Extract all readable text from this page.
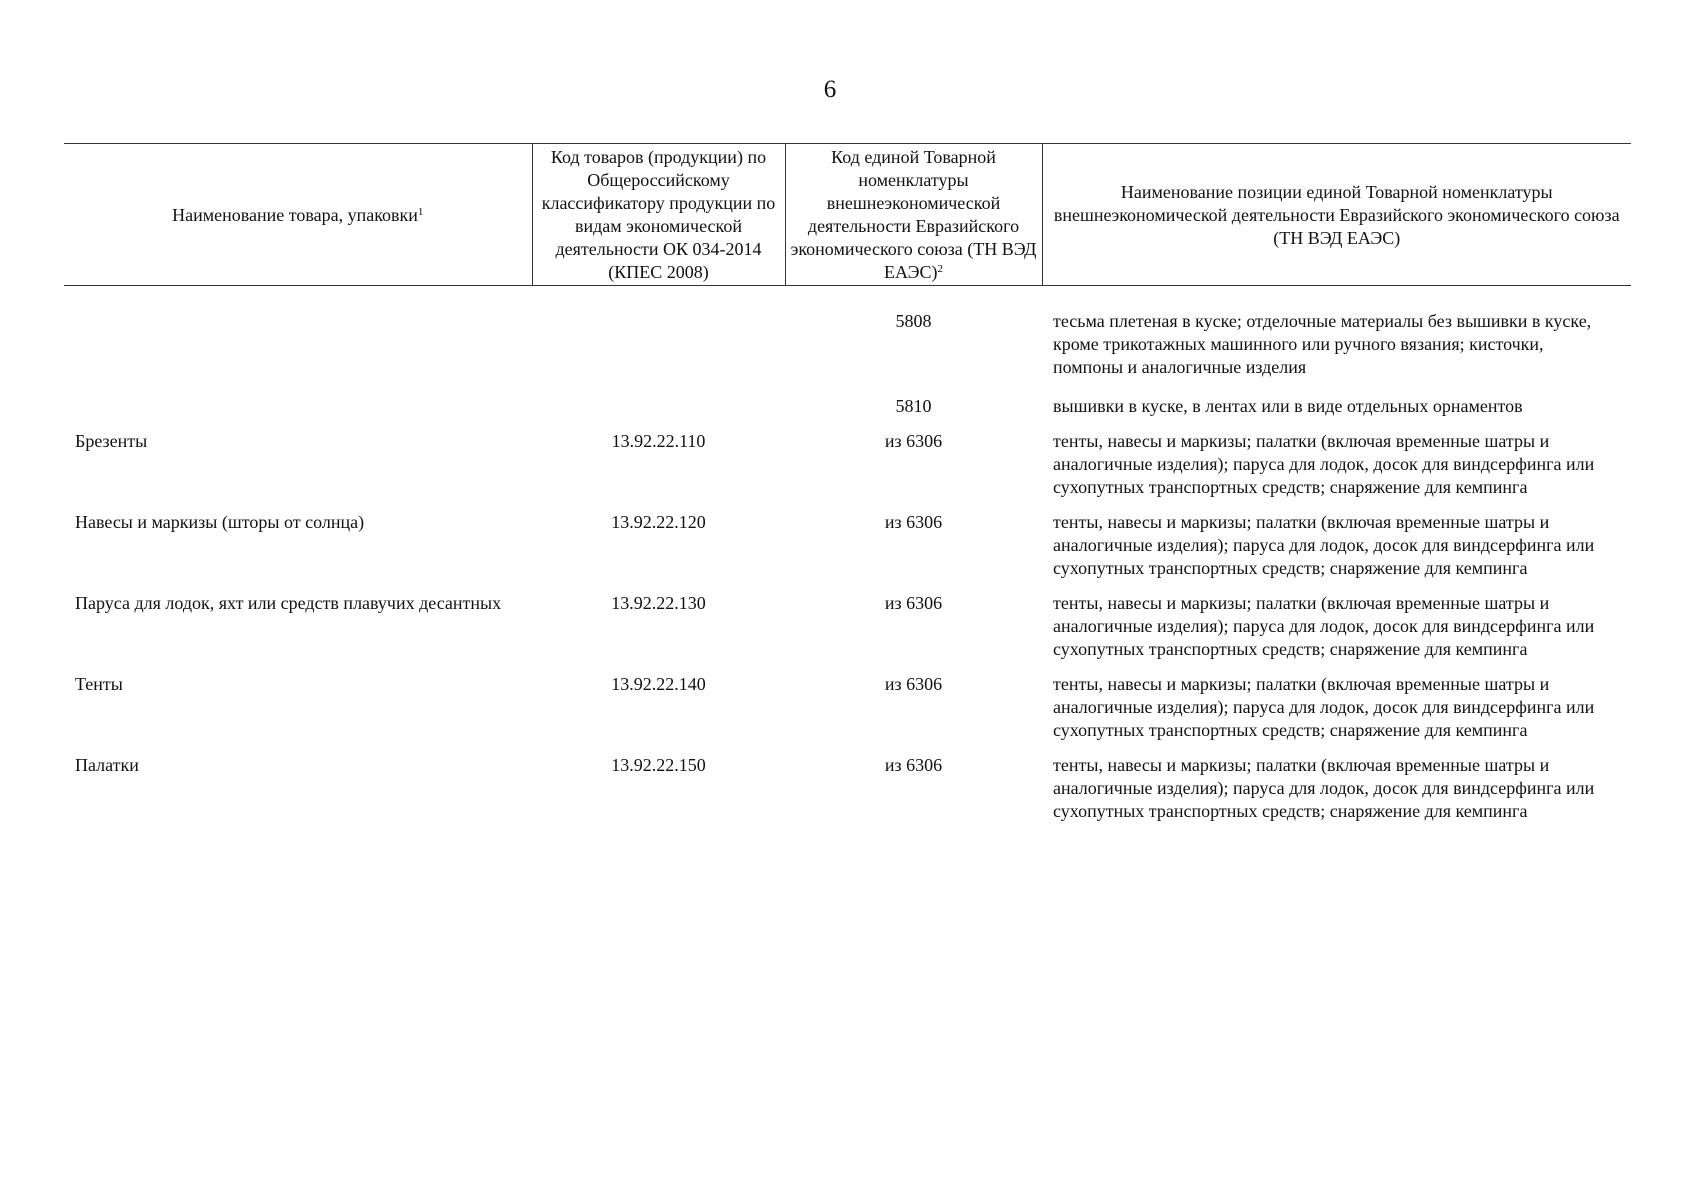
6
Наименование товара, упаковки$^1$	Код товаров (продукции) по Общероссийскому классификатору продукции по видам экономической деятельности ОК 034-2014 (КПЕС 2008)	Код единой Товарной номенклатуры внешнеэкономической деятельности Евразийского экономического союза (ТН ВЭД ЕАЭС)$^2$	Наименование позиции единой Товарной номенклатуры внешнеэкономической деятельности Евразийского экономического союза (ТН ВЭД ЕАЭС)
		5808	тесьма плетеная в куске; отделочные материалы без вышивки в куске, кроме трикотажных машинного или ручного вязания; кисточки, помпоны и аналогичные изделия
		5810	вышивки в куске, в лентах или в виде отдельных орнаментов
Брезенты	13.92.22.110	из 6306	тенты, навесы и маркизы; палатки (включая временные шатры и аналогичные изделия); паруса для лодок, досок для виндсерфинга или сухопутных транспортных средств; снаряжение для кемпинга
Навесы и маркизы (шторы от солнца)	13.92.22.120	из 6306	тенты, навесы и маркизы; палатки (включая временные шатры и аналогичные изделия); паруса для лодок, досок для виндсерфинга или сухопутных транспортных средств; снаряжение для кемпинга
Паруса для лодок, яхт или средств плавучих десантных	13.92.22.130	из 6306	тенты, навесы и маркизы; палатки (включая временные шатры и аналогичные изделия); паруса для лодок, досок для виндсерфинга или сухопутных транспортных средств; снаряжение для кемпинга
Тенты	13.92.22.140	из 6306	тенты, навесы и маркизы; палатки (включая временные шатры и аналогичные изделия); паруса для лодок, досок для виндсерфинга или сухопутных транспортных средств; снаряжение для кемпинга
Палатки	13.92.22.150	из 6306	тенты, навесы и маркизы; палатки (включая временные шатры и аналогичные изделия); паруса для лодок, досок для виндсерфинга или сухопутных транспортных средств; снаряжение для кемпинга
